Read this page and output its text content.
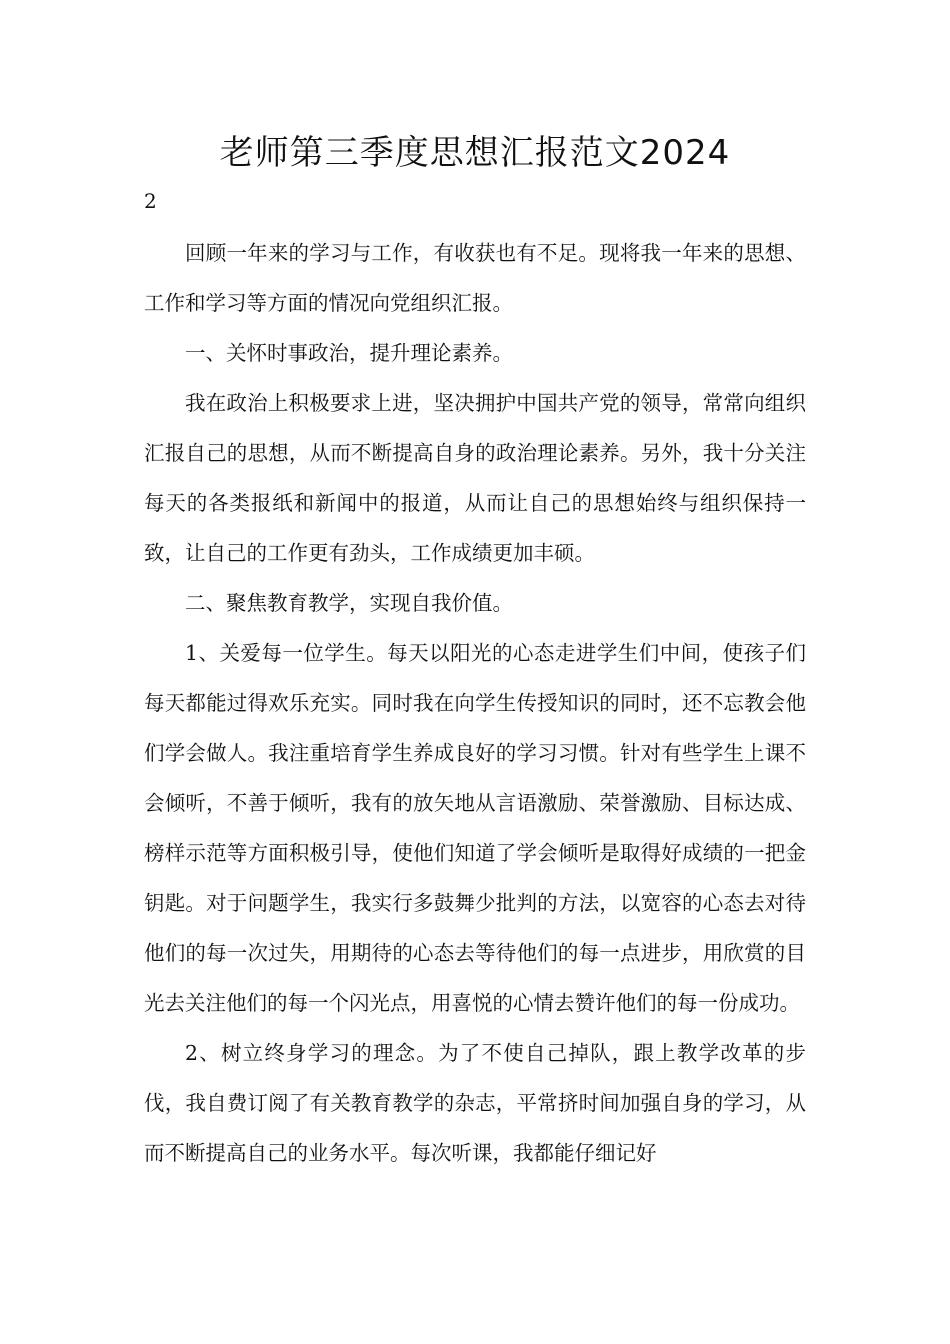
老师第三季度思想汇报范文2024
2

回顾一年来的学习与工作，有收获也有不足。现将我一年来的思想、工作和学习等方面的情况向党组织汇报。

一、关怀时事政治，提升理论素养。

我在政治上积极要求上进，坚决拥护中国共产党的领导，常常向组织汇报自己的思想，从而不断提高自身的政治理论素养。另外，我十分关注每天的各类报纸和新闻中的报道，从而让自己的思想始终与组织保持一致，让自己的工作更有劲头，工作成绩更加丰硕。

二、聚焦教育教学，实现自我价值。

1、关爱每一位学生。每天以阳光的心态走进学生们中间，使孩子们每天都能过得欢乐充实。同时我在向学生传授知识的同时，还不忘教会他们学会做人。我注重培育学生养成良好的学习习惯。针对有些学生上课不会倾听，不善于倾听，我有的放矢地从言语激励、荣誉激励、目标达成、榜样示范等方面积极引导，使他们知道了学会倾听是取得好成绩的一把金钥匙。对于问题学生，我实行多鼓舞少批判的方法，以宽容的心态去对待他们的每一次过失，用期待的心态去等待他们的每一点进步，用欣赏的目光去关注他们的每一个闪光点，用喜悦的心情去赞许他们的每一份成功。

2、树立终身学习的理念。为了不使自己掉队，跟上教学改革的步伐，我自费订阅了有关教育教学的杂志，平常挤时间加强自身的学习，从而不断提高自己的业务水平。每次听课，我都能仔细记好
